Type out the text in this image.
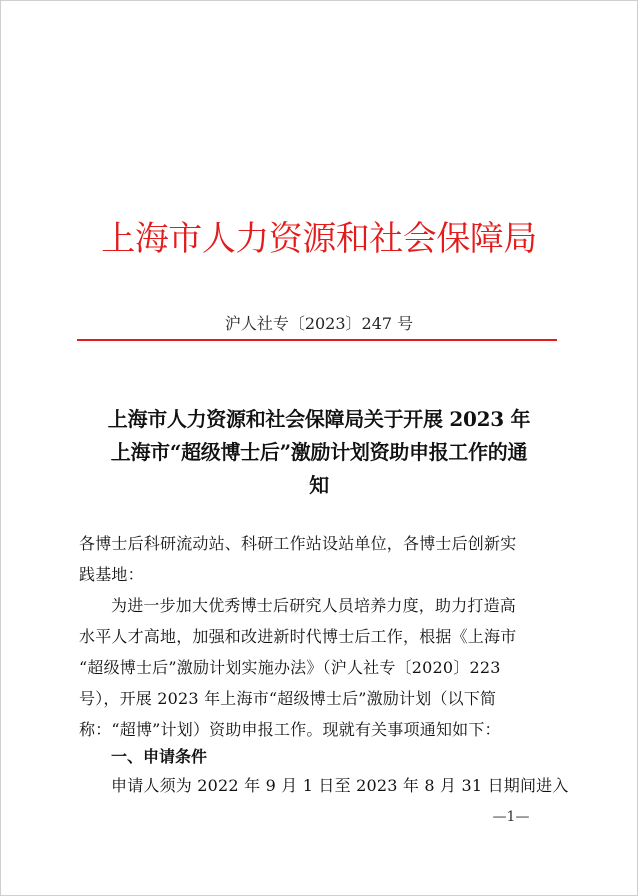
上海市人力资源和社会保障局
沪人社专〔2023〕247 号
上海市人力资源和社会保障局关于开展 2023 年
上海市“超级博士后”激励计划资助申报工作的通
知
各博士后科研流动站、科研工作站设站单位，各博士后创新实
践基地：
为进一步加大优秀博士后研究人员培养力度，助力打造高
水平人才高地，加强和改进新时代博士后工作，根据《上海市
“超级博士后”激励计划实施办法》（沪人社专〔2020〕223
号），开展 2023 年上海市“超级博士后”激励计划（以下简
称：“超博”计划）资助申报工作。现就有关事项通知如下：
一、申请条件
申请人须为 2022 年 9 月 1 日至 2023 年 8 月 31 日期间进入
—1—
